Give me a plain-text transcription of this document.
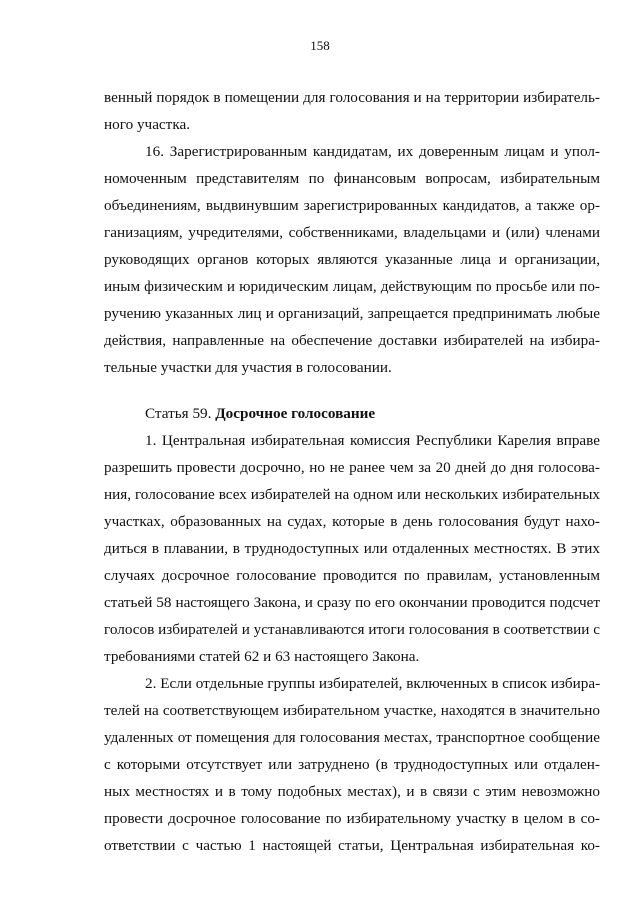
158
венный порядок в помещении для голосования и на территории избиратель-
ного участка.
16. Зарегистрированным кандидатам, их доверенным лицам и упол-
номоченным представителям по финансовым вопросам, избирательным
объединениям, выдвинувшим зарегистрированных кандидатов, а также ор-
ганизациям, учредителями, собственниками, владельцами и (или) членами
руководящих органов которых являются указанные лица и организации,
иным физическим и юридическим лицам, действующим по просьбе или по-
ручению указанных лиц и организаций, запрещается предпринимать любые
действия, направленные на обеспечение доставки избирателей на избира-
тельные участки для участия в голосовании.
Статья 59. Досрочное голосование
1. Центральная избирательная комиссия Республики Карелия вправе
разрешить провести досрочно, но не ранее чем за 20 дней до дня голосова-
ния, голосование всех избирателей на одном или нескольких избирательных
участках, образованных на судах, которые в день голосования будут нахо-
диться в плавании, в труднодоступных или отдаленных местностях. В этих
случаях досрочное голосование проводится по правилам, установленным
статьей 58 настоящего Закона, и сразу по его окончании проводится подсчет
голосов избирателей и устанавливаются итоги голосования в соответствии с
требованиями статей 62 и 63 настоящего Закона.
2. Если отдельные группы избирателей, включенных в список избира-
телей на соответствующем избирательном участке, находятся в значительно
удаленных от помещения для голосования местах, транспортное сообщение
с которыми отсутствует или затруднено (в труднодоступных или отдален-
ных местностях и в тому подобных местах), и в связи с этим невозможно
провести досрочное голосование по избирательному участку в целом в со-
ответствии с частью 1 настоящей статьи, Центральная избирательная ко-
